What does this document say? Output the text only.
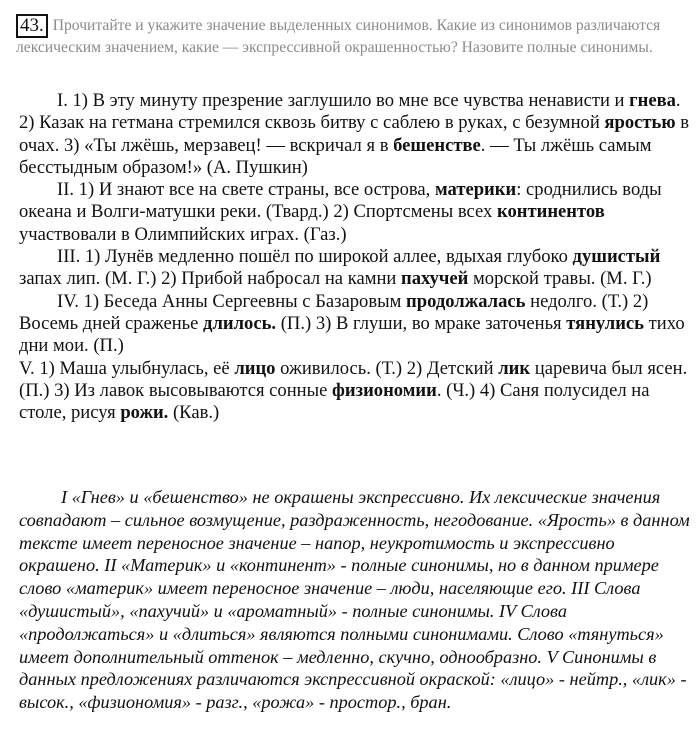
43. Прочитайте и укажите значение выделенных синонимов. Какие из синонимов различаются лексическим значением, какие — экспрессивной окрашенностью? Назовите полные синонимы.

I. 1) В эту минуту презрение заглушило во мне все чувства ненависти и гнева. 2) Казак на гетмана стремился сквозь битву с саблею в руках, с безумной яростью в очах. 3) «Ты лжёшь, мерзавец! — вскричал я в бешенстве. — Ты лжёшь самым бесстыдным образом!» (А. Пушкин)

II. 1) И знают все на свете страны, все острова, материки: сроднились воды океана и Волги-матушки реки. (Твард.) 2) Спортсмены всех континентов участвовали в Олимпийских играх. (Газ.)

III. 1) Лунёв медленно пошёл по широкой аллее, вдыхая глубоко душистый запах лип. (М. Г.) 2) Прибой набросал на камни пахучей морской травы. (М. Г.)

IV. 1) Беседа Анны Сергеевны с Базаровым продолжалась недолго. (Т.) 2) Восемь дней сраженье длилось. (П.) 3) В глуши, во мраке заточенья тянулись тихо дни мои. (П.)

V. 1) Маша улыбнулась, её лицо оживилось. (Т.) 2) Детский лик царевича был ясен. (П.) 3) Из лавок высовываются сонные физиономии. (Ч.) 4) Саня полусидел на столе, рисуя рожи. (Кав.)

I «Гнев» и «бешенство» не окрашены экспрессивно. Их лексические значения совпадают – сильное возмущение, раздраженность, негодование. «Ярость» в данном тексте имеет переносное значение – напор, неукротимость и экспрессивно окрашено. II «Материк» и «континент» - полные синонимы, но в данном примере слово «материк» имеет переносное значение – люди, населяющие его. III Слова «душистый», «пахучий» и «ароматный» - полные синонимы. IV Слова «продолжаться» и «длиться» являются полными синонимами. Слово «тянуться» имеет дополнительный оттенок – медленно, скучно, однообразно. V Синонимы в данных предложениях различаются экспрессивной окраской: «лицо» - нейтр., «лик» - высок., «физиономия» - разг., «рожа» - простор., бран.
